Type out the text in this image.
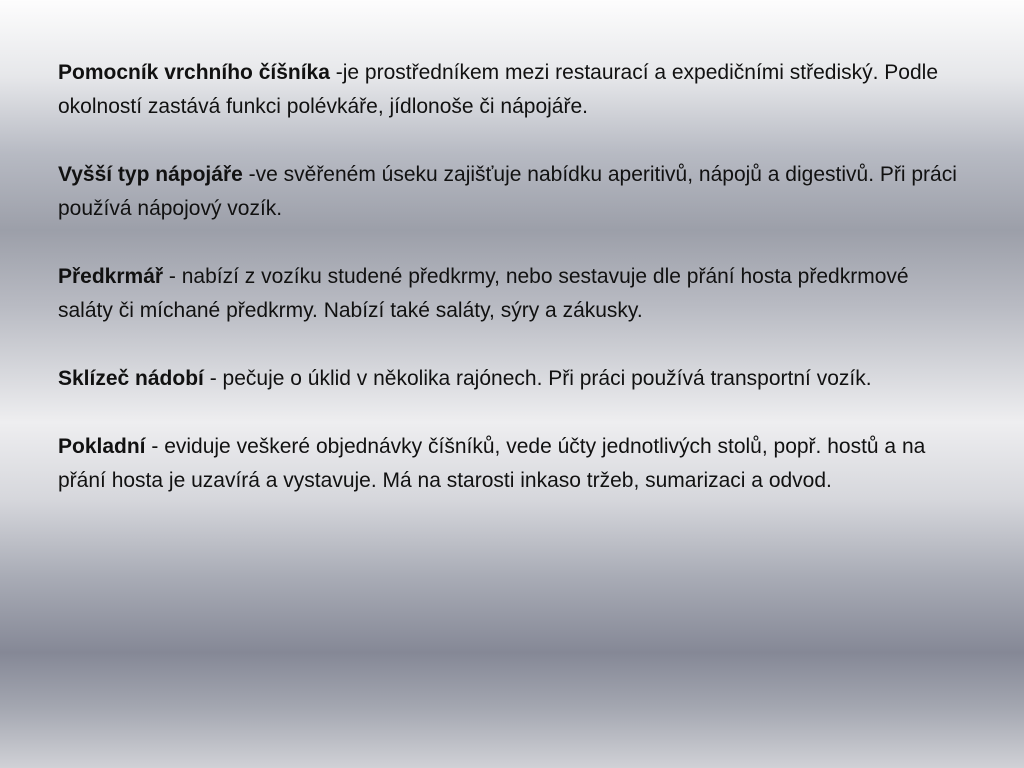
Pomocník vrchního číšníka -je prostředníkem mezi restaurací a expedičními střediský. Podle okolností zastává funkci polévkáře, jídlonoše či nápojáře.

Vyšší typ nápojáře -ve svěřeném úseku zajišťuje nabídku aperitivů, nápojů a digestivů. Při práci používá nápojový vozík.

Předkrmář - nabízí z vozíku studené předkrmy, nebo sestavuje dle přání hosta předkrmové saláty či míchané předkrmy. Nabízí také saláty, sýry a zákusky.

Sklízeč nádobí - pečuje o úklid v několika rajónech. Při práci používá transportní vozík.

Pokladní - eviduje veškeré objednávky číšníků, vede účty jednotlivých stolů, popř. hostů a na přání hosta je uzavírá a vystavuje. Má na starosti inkaso tržeb, sumarizaci a odvod.
